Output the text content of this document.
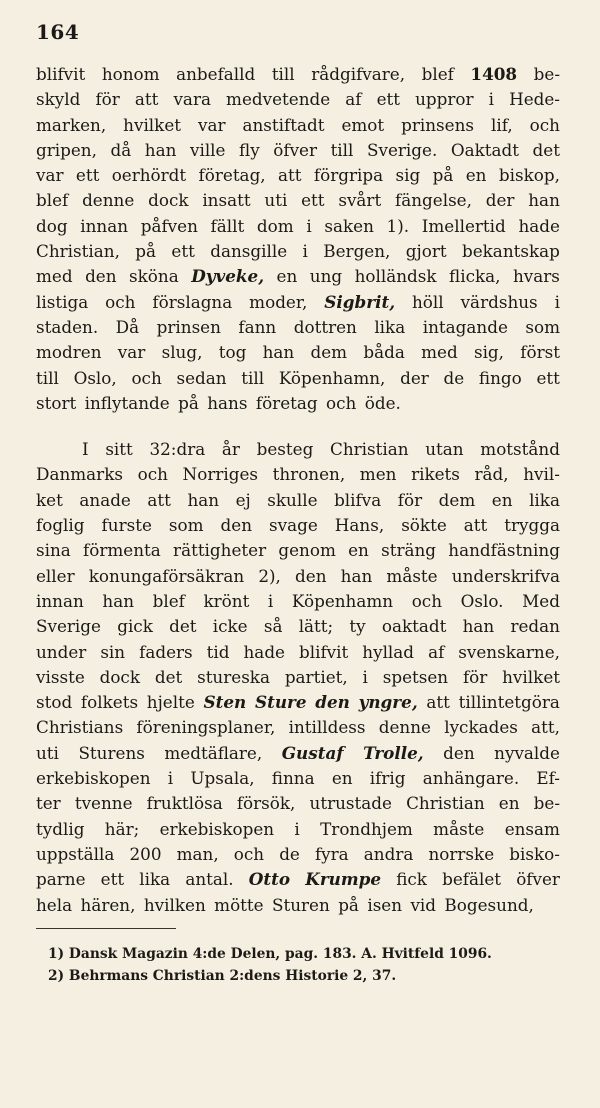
164
blifvit honom anbefalld till rådgifvare, blef 1408 be-
skyld för att vara medvetende af ett uppror i Hede-
marken, hvilket var anstiftadt emot prinsens lif, och
gripen, då han ville fly öfver till Sverige. Oaktadt det
var ett oerhördt företag, att förgripa sig på en biskop,
blef denne dock insatt uti ett svårt fängelse, der han
dog innan påfven fällt dom i saken 1). Imellertid hade
Christian, på ett dansgille i Bergen, gjort bekantskap
med den sköna Dyveke, en ung holländsk flicka, hvars
listiga och förslagna moder, Sigbrit, höll värdshus i
staden. Då prinsen fann dottren lika intagande som
modren var slug, tog han dem båda med sig, först
till Oslo, och sedan till Köpenhamn, der de fingo ett
stort inflytande på hans företag och öde.
I sitt 32:dra år besteg Christian utan motstånd
Danmarks och Norriges thronen, men rikets råd, hvil-
ket anade att han ej skulle blifva för dem en lika
foglig furste som den svage Hans, sökte att trygga
sina förmenta rättigheter genom en sträng handfästning
eller konungaförsäkran 2), den han måste underskrifva
innan han blef krönt i Köpenhamn och Oslo. Med
Sverige gick det icke så lätt; ty oaktadt han redan
under sin faders tid hade blifvit hyllad af svenskarne,
visste dock det stureska partiet, i spetsen för hvilket
stod folkets hjelte Sten Sture den yngre, att tillintetgöra
Christians föreningsplaner, intilldess denne lyckades att,
uti Sturens medtäflare, Gustaf Trolle, den nyvalde
erkebiskopen i Upsala, finna en ifrig anhängare. Ef-
ter tvenne fruktlösa försök, utrustade Christian en be-
tydlig här; erkebiskopen i Trondhjem måste ensam
uppställa 200 man, och de fyra andra norrske bisko-
parne ett lika antal. Otto Krumpe fick befälet öfver
hela hären, hvilken mötte Sturen på isen vid Bogesund,
1) Dansk Magazin 4:de Delen, pag. 183. A. Hvitfeld 1096.
2) Behrmans Christian 2:dens Historie 2, 37.
